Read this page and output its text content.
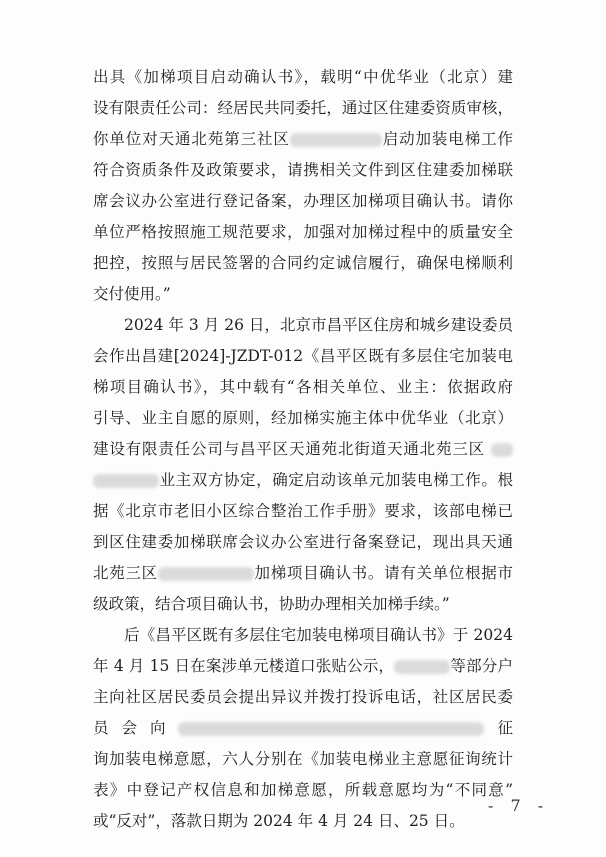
出具《加梯项目启动确认书》，载明“中优华业（北京）建
设有限责任公司：经居民共同委托，通过区住建委资质审核，
你单位对天通北苑第三社区	启动加装电梯工作
符合资质条件及政策要求，请携相关文件到区住建委加梯联
席会议办公室进行登记备案，办理区加梯项目确认书。请你
单位严格按照施工规范要求，加强对加梯过程中的质量安全
把控，按照与居民签署的合同约定诚信履行，确保电梯顺利
交付使用。”
2024 年 3 月 26 日，北京市昌平区住房和城乡建设委员
会作出昌建[2024]-JZDT-012《昌平区既有多层住宅加装电
梯项目确认书》，其中载有“各相关单位、业主：依据政府
引导、业主自愿的原则，经加梯实施主体中优华业（北京）
建设有限责任公司与昌平区天通苑北街道天通北苑三区
业主双方协定，确定启动该单元加装电梯工作。根
据《北京市老旧小区综合整治工作手册》要求，该部电梯已
到区住建委加梯联席会议办公室进行备案登记，现出具天通
北苑三区	加梯项目确认书。请有关单位根据市
级政策，结合项目确认书，协助办理相关加梯手续。”
后《昌平区既有多层住宅加装电梯项目确认书》于 2024
年 4 月 15 日在案涉单元楼道口张贴公示，	等部分户
主向社区居民委员会提出异议并拨打投诉电话，社区居民委
员会向	征
询加装电梯意愿，六人分别在《加装电梯业主意愿征询统计
表》中登记产权信息和加梯意愿，所载意愿均为“不同意”
或“反对”，落款日期为 2024 年 4 月 24 日、25 日。
- 7 -
